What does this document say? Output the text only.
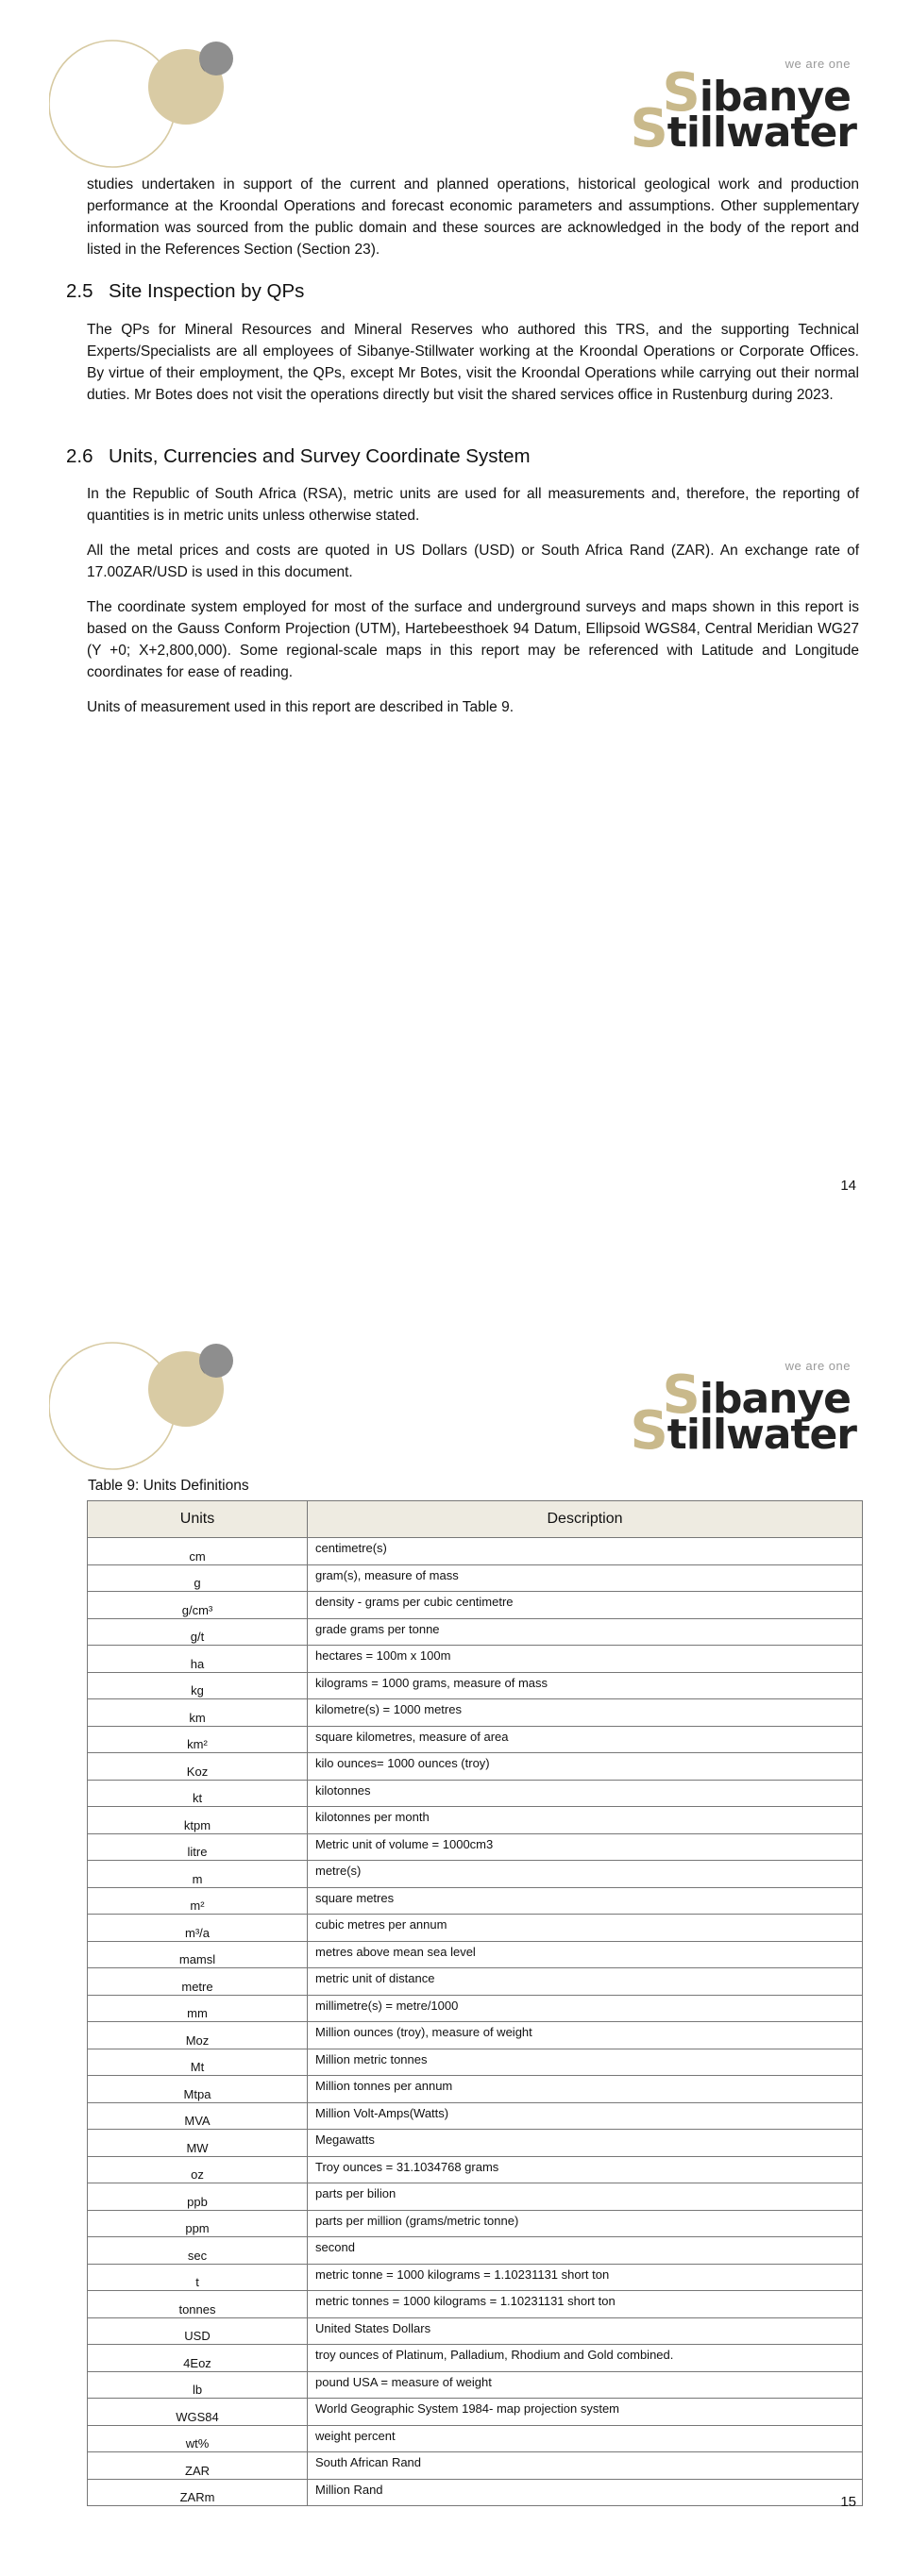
we are one
Sibanye
Stillwater

studies undertaken in support of the current and planned operations, historical geological work and production performance at the Kroondal Operations and forecast economic parameters and assumptions. Other supplementary information was sourced from the public domain and these sources are acknowledged in the body of the report and listed in the References Section (Section 23).

2.5 Site Inspection by QPs

The QPs for Mineral Resources and Mineral Reserves who authored this TRS, and the supporting Technical Experts/Specialists are all employees of Sibanye-Stillwater working at the Kroondal Operations or Corporate Offices. By virtue of their employment, the QPs, except Mr Botes, visit the Kroondal Operations while carrying out their normal duties. Mr Botes does not visit the operations directly but visit the shared services office in Rustenburg during 2023.

2.6 Units, Currencies and Survey Coordinate System

In the Republic of South Africa (RSA), metric units are used for all measurements and, therefore, the reporting of quantities is in metric units unless otherwise stated.

All the metal prices and costs are quoted in US Dollars (USD) or South Africa Rand (ZAR). An exchange rate of 17.00ZAR/USD is used in this document.

The coordinate system employed for most of the surface and underground surveys and maps shown in this report is based on the Gauss Conform Projection (UTM), Hartebeesthoek 94 Datum, Ellipsoid WGS84, Central Meridian WG27 (Y +0; X+2,800,000). Some regional-scale maps in this report may be referenced with Latitude and Longitude coordinates for ease of reading.

Units of measurement used in this report are described in Table 9.

14
we are one
Sibanye
Stillwater
Table 9: Units Definitions
Units	Description
cm	centimetre(s)
g	gram(s), measure of mass
g/cm³	density - grams per cubic centimetre
g/t	grade grams per tonne
ha	hectares = 100m x 100m
kg	kilograms = 1000 grams, measure of mass
km	kilometre(s) = 1000 metres
km²	square kilometres, measure of area
Koz	kilo ounces= 1000 ounces (troy)
kt	kilotonnes
ktpm	kilotonnes per month
litre	Metric unit of volume = 1000cm3
m	metre(s)
m²	square metres
m³/a	cubic metres per annum
mamsl	metres above mean sea level
metre	metric unit of distance
mm	millimetre(s) = metre/1000
Moz	Million ounces (troy), measure of weight
Mt	Million metric tonnes
Mtpa	Million tonnes per annum
MVA	Million Volt-Amps(Watts)
MW	Megawatts
oz	Troy ounces = 31.1034768 grams
ppb	parts per bilion
ppm	parts per million (grams/metric tonne)
sec	second
t	metric tonne = 1000 kilograms = 1.10231131 short ton
tonnes	metric tonnes = 1000 kilograms = 1.10231131 short ton
USD	United States Dollars
4Eoz	troy ounces of Platinum, Palladium, Rhodium and Gold combined.
lb	pound USA = measure of weight
WGS84	World Geographic System 1984- map projection system
wt%	weight percent
ZAR	South African Rand
ZARm	Million Rand
15
